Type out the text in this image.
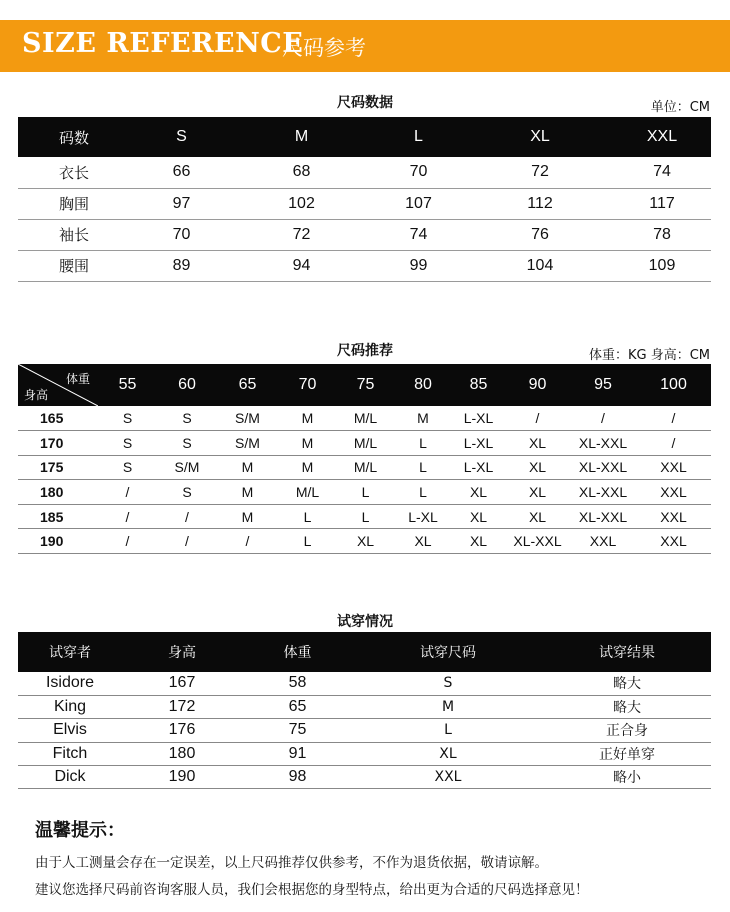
SIZE REFERENCE
尺码参考
尺码数据	单位：CM
码数	S	M	L	XL	XXL
衣长	66	68	70	72	74
胸围	97	102	107	112	117
袖长	70	72	74	76	78
腰围	89	94	99	104	109
尺码推荐	体重：KG 身高：CM
体重
身高	55	60	65	70	75	80	85	90	95	100
165	S	S	S/M	M	M/L	M	L-XL	/	/	/
170	S	S	S/M	M	M/L	L	L-XL	XL	XL-XXL	/
175	S	S/M	M	M	M/L	L	L-XL	XL	XL-XXL	XXL
180	/	S	M	M/L	L	L	XL	XL	XL-XXL	XXL
185	/	/	M	L	L	L-XL	XL	XL	XL-XXL	XXL
190	/	/	/	L	XL	XL	XL	XL-XXL	XXL	XXL
试穿情况
试穿者	身高	体重	试穿尺码	试穿结果
Isidore	167	58	S	略大
King	172	65	M	略大
Elvis	176	75	L	正合身
Fitch	180	91	XL	正好单穿
Dick	190	98	XXL	略小
温馨提示：
由于人工测量会存在一定误差，以上尺码推荐仅供参考，不作为退货依据，敬请谅解。
建议您选择尺码前咨询客服人员，我们会根据您的身型特点，给出更为合适的尺码选择意见！
